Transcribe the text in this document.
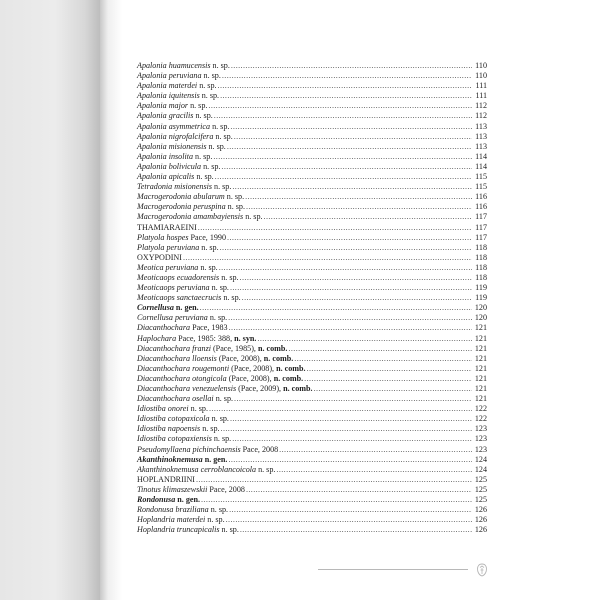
Apalonia huamucensis n. sp. .....	110
Apalonia peruviana n. sp. .....	110
Apalonia materdei n. sp. .....	111
Apalonia iquitensis n. sp. .....	111
Apalonia major n. sp. .....	112
Apalonia gracilis n. sp. .....	112
Apalonia asymmetrica n. sp. .....	113
Apalonia nigrofalcifera n. sp. .....	113
Apalonia misionensis n. sp. .....	113
Apalonia insolita n. sp. .....	114
Apalonia boliviculа n. sp. .....	114
Apalonia apicalis n. sp. .....	115
Tetradonia misionensis n. sp. .....	115
Macrogerodonia abularum n. sp. .....	116
Macrogerodonia peruspina n. sp. .....	116
Macrogerodonia amambayiensis n. sp. .....	117
THAMIARAEINI .....	117
Platyola hospes Pace, 1990 .....	117
Platyola peruviana n. sp. .....	118
OXYPODINI .....	118
Meotica peruviana n. sp. .....	118
Meoticaops ecuadorensis n. sp. .....	118
Meoticaops peruviana n. sp. .....	119
Meoticaops sanctaecrucis n. sp. .....	119
Cornellusa n. gen. .....	120
Cornellusa peruviana n. sp. .....	120
Diacanthochara Pace, 1983 .....	121
Haplochara Pace, 1985: 388, n. syn. .....	121
Diacanthochara franzi (Pace, 1985), n. comb. .....	121
Diacanthochara lloensis (Pace, 2008), n. comb. .....	121
Diacanthochara rougemonti (Pace, 2008), n. comb. .....	121
Diacanthochara otongicola (Pace, 2008), n. comb. .....	121
Diacanthochara venezuelensis (Pace, 2009), n. comb. .....	121
Diacanthochara osellai n. sp. .....	121
Idiostiba onorei n. sp. .....	122
Idiostiba cotopaxicola n. sp. .....	122
Idiostiba napoensis n. sp. .....	123
Idiostiba cotopaxiensis n. sp. .....	123
Pseudomyllaena pichinchaensis Pace, 2008 .....	123
Akanthinoknemusa n. gen. .....	124
Akanthinoknemusa cerroblancoicola n. sp. .....	124
HOPLANDRIINI .....	125
Tinotus klimaszewskii Pace, 2008 .....	125
Rondonusa n. gen. .....	125
Rondonusa braziliana n. sp. .....	126
Hoplandria materdei n. sp. .....	126
Hoplandria truncapicalis n. sp. .....	126
